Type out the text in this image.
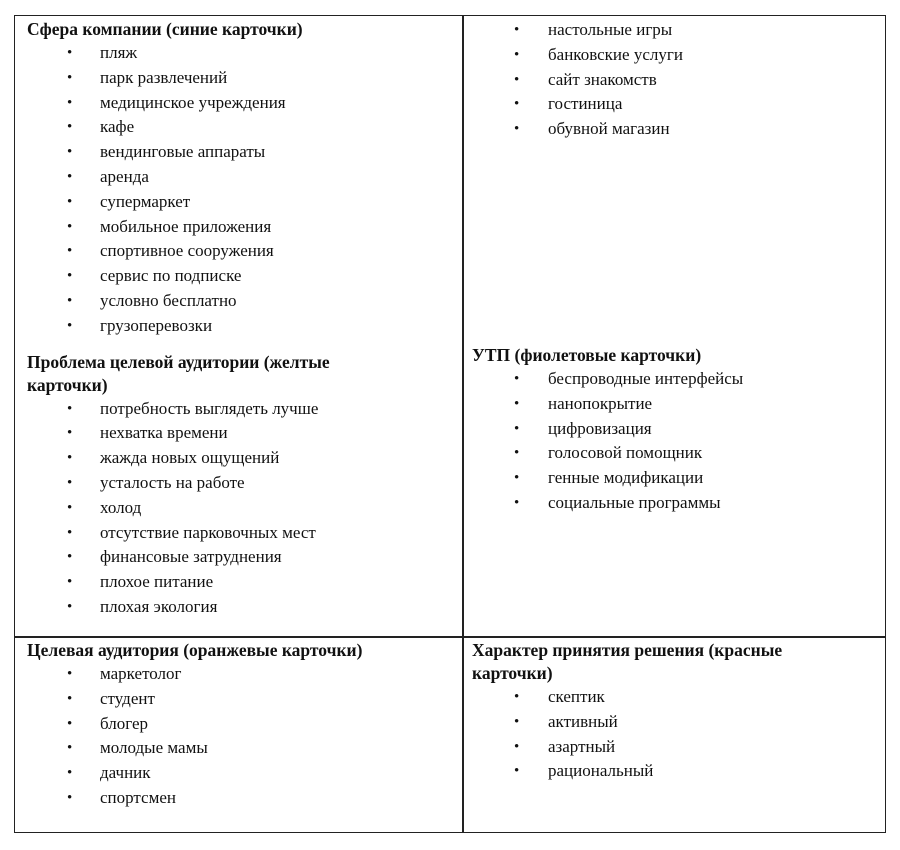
Сфера компании (синие карточки)

• пляж
• парк развлечений
• медицинское учреждения
• кафе
• вендинговые аппараты
• аренда
• супермаркет
• мобильное приложения
• спортивное сооружения
• сервис по подписке
• условно бесплатно
• грузоперевозки

Проблема целевой аудитории (желтые карточки)

• потребность выглядеть лучше
• нехватка времени
• жажда новых ощущений
• усталость на работе
• холод
• отсутствие парковочных мест
• финансовые затруднения
• плохое питание
• плохая экология
• настольные игры
• банковские услуги
• сайт знакомств
• гостиница
• обувной магазин

УТП (фиолетовые карточки)

• беспроводные интерфейсы
• нанопокрытие
• цифровизация
• голосовой помощник
• генные модификации
• социальные программы

Целевая аудитория (оранжевые карточки)

• маркетолог
• студент
• блогер
• молодые мамы
• дачник
• спортсмен

Характер принятия решения (красные карточки)

• скептик
• активный
• азартный
• рациональный
